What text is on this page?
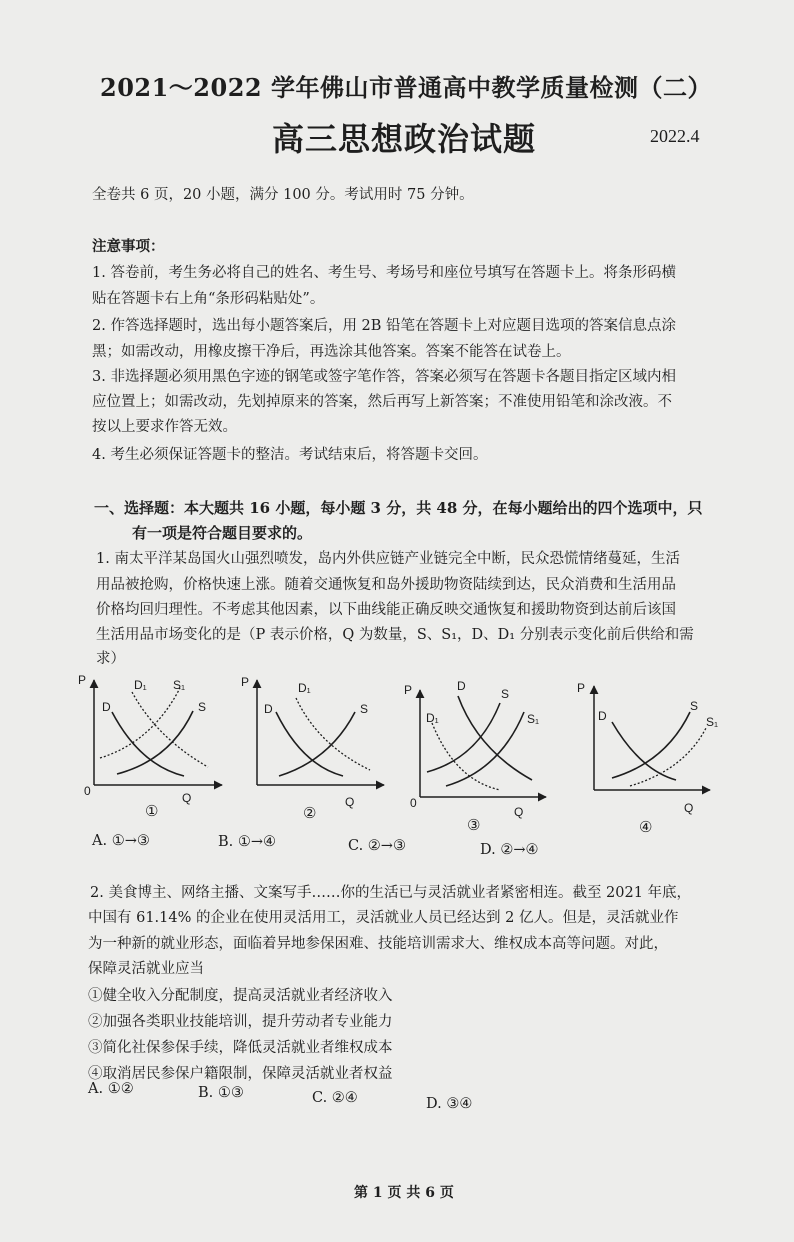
2021～2022 学年佛山市普通高中教学质量检测（二）
高三思想政治试题	2022.4
全卷共 6 页，20 小题，满分 100 分。考试用时 75 分钟。
注意事项：
1. 答卷前，考生务必将自己的姓名、考生号、考场号和座位号填写在答题卡上。将条形码横
贴在答题卡右上角“条形码粘贴处”。
2. 作答选择题时，选出每小题答案后，用 2B 铅笔在答题卡上对应题目选项的答案信息点涂
黑；如需改动，用橡皮擦干净后，再选涂其他答案。答案不能答在试卷上。
3. 非选择题必须用黑色字迹的钢笔或签字笔作答，答案必须写在答题卡各题目指定区域内相
应位置上；如需改动，先划掉原来的答案，然后再写上新答案；不准使用铅笔和涂改液。不
按以上要求作答无效。
4. 考生必须保证答题卡的整洁。考试结束后，将答题卡交回。
一、选择题：本大题共 16 小题，每小题 3 分，共 48 分，在每小题给出的四个选项中，只
有一项是符合题目要求的。
1. 南太平洋某岛国火山强烈喷发，岛内外供应链产业链完全中断，民众恐慌情绪蔓延，生活
用品被抢购，价格快速上涨。随着交通恢复和岛外援助物资陆续到达，民众消费和生活用品
价格均回归理性。不考虑其他因素，以下曲线能正确反映交通恢复和援助物资到达前后该国
生活用品市场变化的是（P 表示价格，Q 为数量，S、S₁，D、D₁ 分别表示变化前后供给和需
求）
P
Q
0
D
D₁ S₁
S
①
P
Q
D
D₁
S
②
P
Q
0
D
D₁
S
S₁
③
P
Q
D
S
S₁
④
A. ①→③	B. ①→④	C. ②→③	D. ②→④
2. 美食博主、网络主播、文案写手……你的生活已与灵活就业者紧密相连。截至 2021 年底，
中国有 61.14% 的企业在使用灵活用工，灵活就业人员已经达到 2 亿人。但是，灵活就业作
为一种新的就业形态，面临着异地参保困难、技能培训需求大、维权成本高等问题。对此，
保障灵活就业应当
①健全收入分配制度，提高灵活就业者经济收入
②加强各类职业技能培训，提升劳动者专业能力
③简化社保参保手续，降低灵活就业者维权成本
④取消居民参保户籍限制，保障灵活就业者权益
A. ①②	B. ①③	C. ②④	D. ③④
第 1 页 共 6 页
